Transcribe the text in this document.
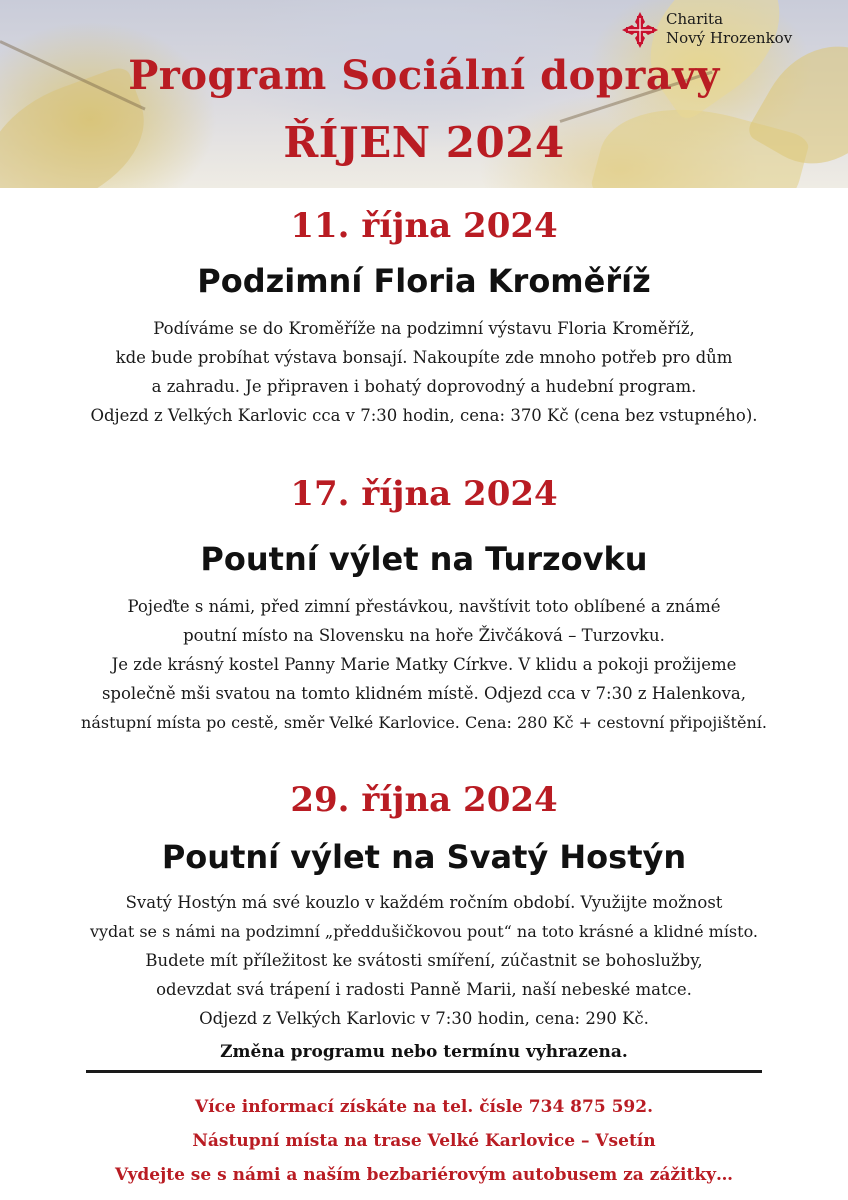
Charita
Nový Hrozenkov
Program Sociální dopravy
ŘÍJEN 2024
11. října 2024
Podzimní Floria Kroměříž
Podíváme se do Kroměříže na podzimní výstavu Floria Kroměříž,
kde bude probíhat výstava bonsají. Nakoupíte zde mnoho potřeb pro dům
a zahradu. Je připraven i bohatý doprovodný a hudební program.
Odjezd z Velkých Karlovic cca v 7:30 hodin, cena: 370 Kč (cena bez vstupného).
17. října 2024
Poutní výlet na Turzovku
Pojeďte s námi, před zimní přestávkou, navštívit toto oblíbené a známé
poutní místo na Slovensku na hoře Živčáková – Turzovku.
Je zde krásný kostel Panny Marie Matky Církve. V klidu a pokoji prožijeme
společně mši svatou na tomto klidném místě. Odjezd cca v 7:30 z Halenkova,
nástupní místa po cestě, směr Velké Karlovice. Cena: 280 Kč + cestovní připojištění.
29. října 2024
Poutní výlet na Svatý Hostýn
Svatý Hostýn má své kouzlo v každém ročním období. Využijte možnost
vydat se s námi na podzimní „předdušičkovou pout“ na toto krásné a klidné místo.
Budete mít příležitost ke svátosti smíření, zúčastnit se bohoslužby,
odevzdat svá trápení i radosti Panně Marii, naší nebeské matce.
Odjezd z Velkých Karlovic v 7:30 hodin, cena: 290 Kč.
Změna programu nebo termínu vyhrazena.
Více informací získáte na tel. čísle 734 875 592.
Nástupní místa na trase Velké Karlovice – Vsetín
Vydejte se s námi a naším bezbariérovým autobusem za zážitky…
